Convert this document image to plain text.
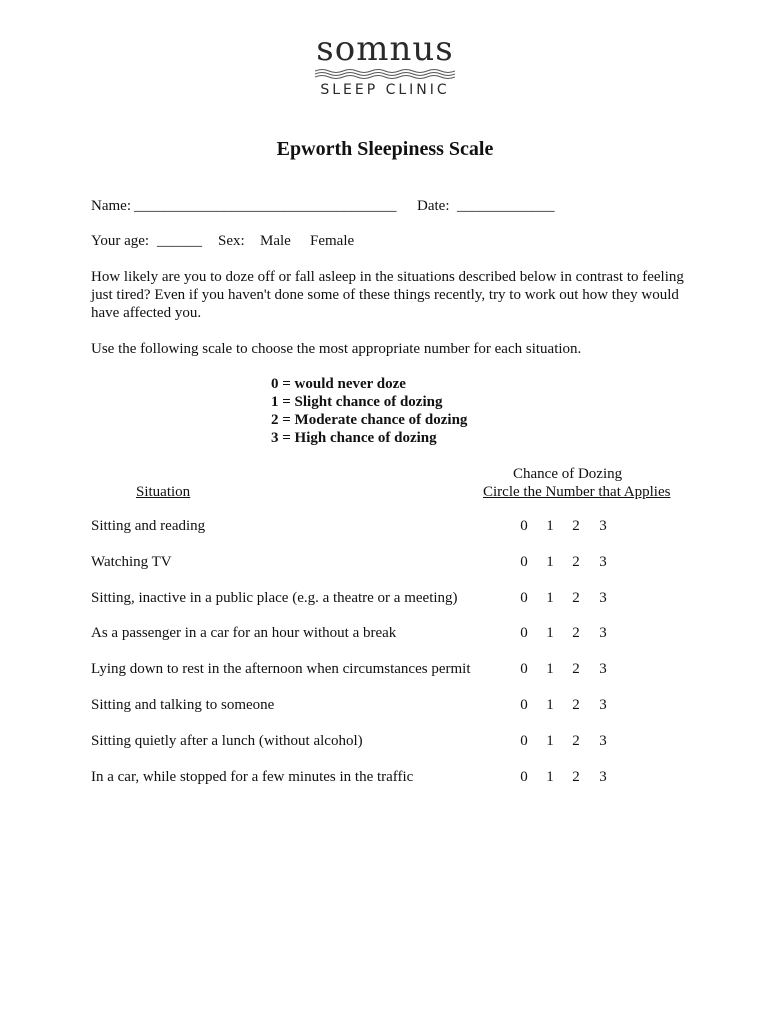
somnus
SLEEP CLINIC
Epworth Sleepiness Scale
Name: ___________________________________ Date: _____________
Your age: ______ Sex: Male Female

How likely are you to doze off or fall asleep in the situations described below in contrast to feeling just tired? Even if you haven't done some of these things recently, try to work out how they would have affected you.

Use the following scale to choose the most appropriate number for each situation.

0 = would never doze
1 = Slight chance of dozing
2 = Moderate chance of dozing
3 = High chance of dozing
Chance of Dozing
Situation	Circle the Number that Applies
Sitting and reading	0 1 2 3
Watching TV	0 1 2 3
Sitting, inactive in a public place (e.g. a theatre or a meeting)	0 1 2 3
As a passenger in a car for an hour without a break	0 1 2 3
Lying down to rest in the afternoon when circumstances permit	0 1 2 3
Sitting and talking to someone	0 1 2 3
Sitting quietly after a lunch (without alcohol)	0 1 2 3
In a car, while stopped for a few minutes in the traffic	0 1 2 3
